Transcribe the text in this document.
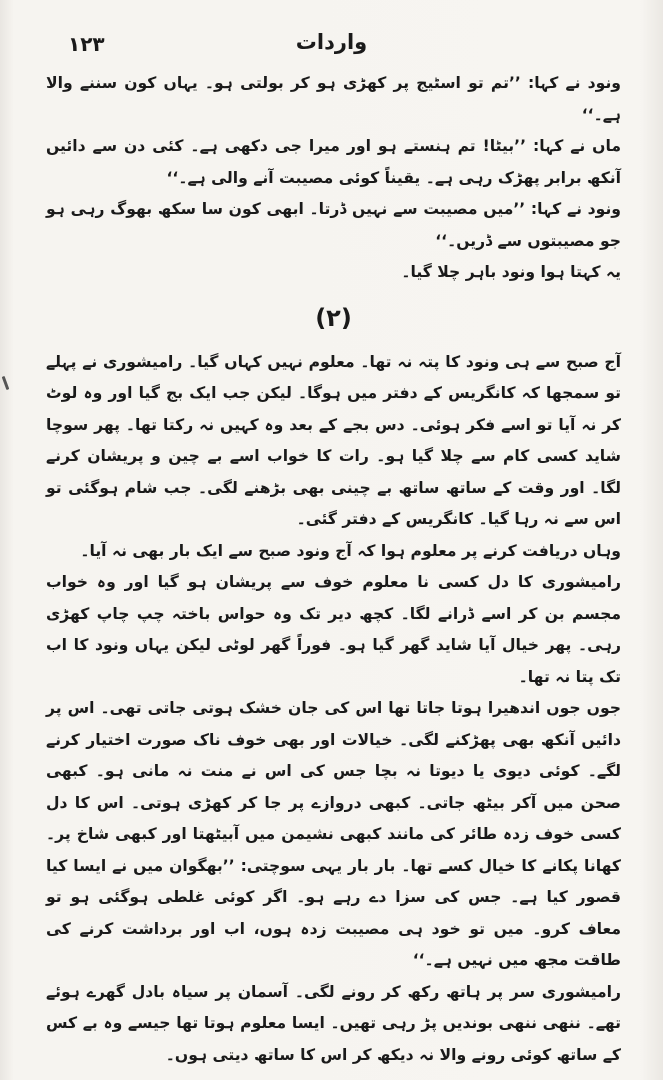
۱۲۳	واردات

ونود نے کہا: ’’تم تو اسٹیج پر کھڑی ہو کر بولتی ہو۔ یہاں کون سننے والا ہے۔‘‘

ماں نے کہا: ’’بیٹا! تم ہنستے ہو اور میرا جی دکھی ہے۔ کئی دن سے دائیں آنکھ برابر پھڑک رہی ہے۔ یقیناً کوئی مصیبت آنے والی ہے۔‘‘

ونود نے کہا: ’’میں مصیبت سے نہیں ڈرتا۔ ابھی کون سا سکھ بھوگ رہی ہو جو مصیبتوں سے ڈریں۔‘‘

یہ کہتا ہوا ونود باہر چلا گیا۔

(۲)

آج صبح سے ہی ونود کا پتہ نہ تھا۔ معلوم نہیں کہاں گیا۔ رامیشوری نے پہلے تو سمجھا کہ کانگریس کے دفتر میں ہوگا۔ لیکن جب ایک بج گیا اور وہ لوٹ کر نہ آیا تو اسے فکر ہوئی۔ دس بجے کے بعد وہ کہیں نہ رکتا تھا۔ پھر سوچا شاید کسی کام سے چلا گیا ہو۔ رات کا خواب اسے بے چین و پریشان کرنے لگا۔ اور وقت کے ساتھ ساتھ بے چینی بھی بڑھنے لگی۔ جب شام ہوگئی تو اس سے نہ رہا گیا۔ کانگریس کے دفتر گئی۔

وہاں دریافت کرنے پر معلوم ہوا کہ آج ونود صبح سے ایک بار بھی نہ آیا۔

رامیشوری کا دل کسی نا معلوم خوف سے پریشان ہو گیا اور وہ خواب مجسم بن کر اسے ڈرانے لگا۔ کچھ دیر تک وہ حواس باختہ چپ چاپ کھڑی رہی۔ پھر خیال آیا شاید گھر گیا ہو۔ فوراً گھر لوٹی لیکن یہاں ونود کا اب تک پتا نہ تھا۔

جوں جوں اندھیرا ہوتا جاتا تھا اس کی جان خشک ہوتی جاتی تھی۔ اس پر دائیں آنکھ بھی پھڑکنے لگی۔ خیالات اور بھی خوف ناک صورت اختیار کرنے لگے۔ کوئی دیوی یا دیوتا نہ بچا جس کی اس نے منت نہ مانی ہو۔ کبھی صحن میں آکر بیٹھ جاتی۔ کبھی دروازے پر جا کر کھڑی ہوتی۔ اس کا دل کسی خوف زدہ طائر کی مانند کبھی نشیمن میں آبیٹھتا اور کبھی شاخ پر۔ کھانا پکانے کا خیال کسے تھا۔ بار بار یہی سوچتی: ’’بھگوان میں نے ایسا کیا قصور کیا ہے۔ جس کی سزا دے رہے ہو۔ اگر کوئی غلطی ہوگئی ہو تو معاف کرو۔ میں تو خود ہی مصیبت زدہ ہوں، اب اور برداشت کرنے کی طاقت مجھ میں نہیں ہے۔‘‘

رامیشوری سر پر ہاتھ رکھ کر رونے لگی۔ آسمان پر سیاہ بادل گھرے ہوئے تھے۔ ننھی ننھی بوندیں پڑ رہی تھیں۔ ایسا معلوم ہوتا تھا جیسے وہ بے کس کے ساتھ کوئی رونے والا نہ دیکھ کر اس کا ساتھ دیتی ہوں۔
